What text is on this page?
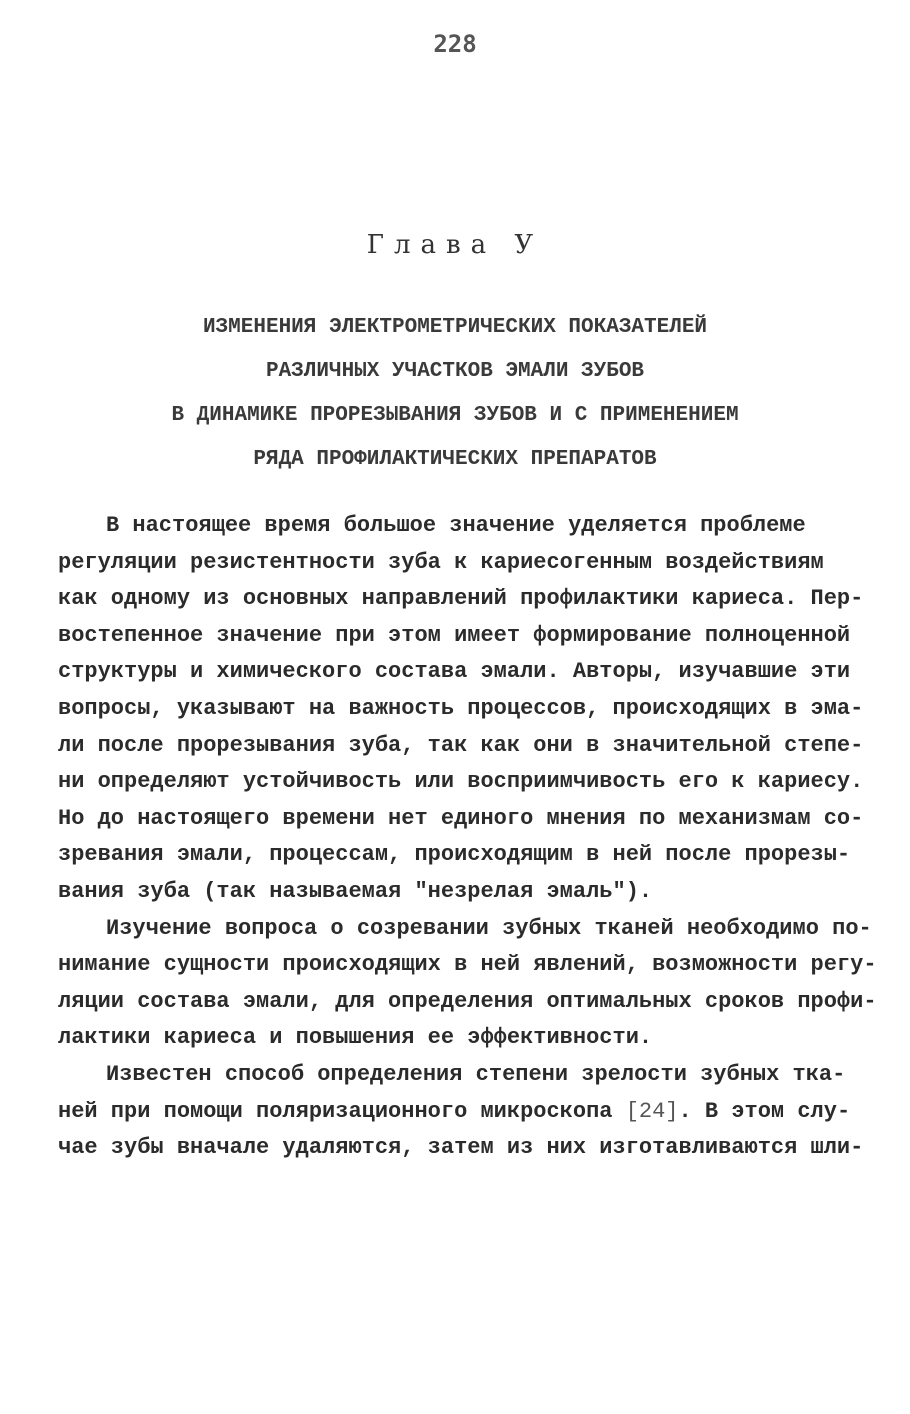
228
Глава У
ИЗМЕНЕНИЯ ЭЛЕКТРОМЕТРИЧЕСКИХ ПОКАЗАТЕЛЕЙ
РАЗЛИЧНЫХ УЧАСТКОВ ЭМАЛИ ЗУБОВ
В ДИНАМИКЕ ПРОРЕЗЫВАНИЯ ЗУБОВ И С ПРИМЕНЕНИЕМ
РЯДА ПРОФИЛАКТИЧЕСКИХ ПРЕПАРАТОВ
В настоящее время большое значение уделяется проблеме
регуляции резистентности зуба к кариесогенным воздействиям
как одному из основных направлений профилактики кариеса. Пер-
востепенное значение при этом имеет формирование полноценной
структуры и химического состава эмали. Авторы, изучавшие эти
вопросы, указывают на важность процессов, происходящих в эма-
ли после прорезывания зуба, так как они в значительной степе-
ни определяют устойчивость или восприимчивость его к кариесу.
Но до настоящего времени нет единого мнения по механизмам со-
зревания эмали, процессам, происходящим в ней после прорезы-
вания зуба (так называемая "незрелая эмаль").
Изучение вопроса о созревании зубных тканей необходимо по-
нимание сущности происходящих в ней явлений, возможности регу-
ляции состава эмали, для определения оптимальных сроков профи-
лактики кариеса и повышения ее эффективности.
Известен способ определения степени зрелости зубных тка-
ней при помощи поляризационного микроскопа [24]. В этом слу-
чае зубы вначале удаляются, затем из них изготавливаются шли-
